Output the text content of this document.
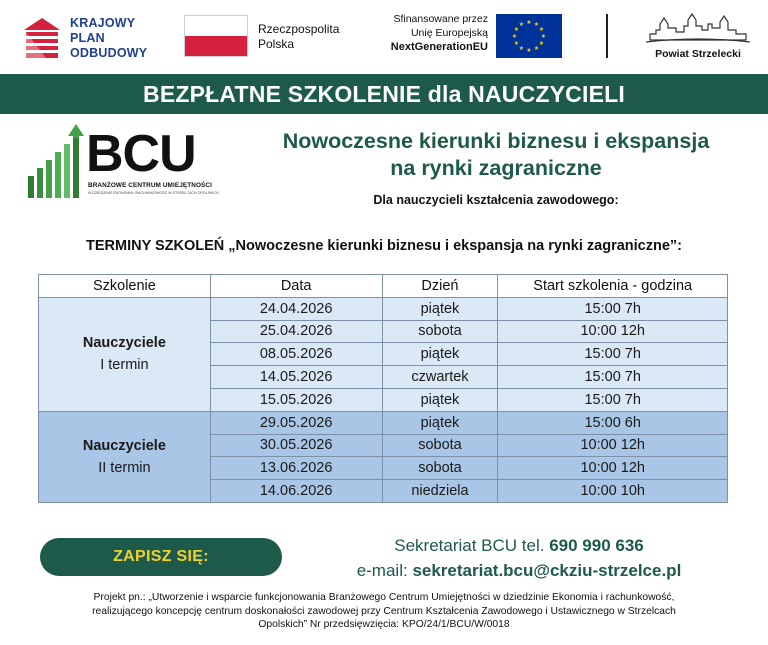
KRAJOWY
PLAN
ODBUDOWY
Rzeczpospolita
Polska
Sfinansowane przez
Unię Europejską
NextGenerationEU
★ ★
★
★
★
★
★
★
★
★
★
★
Powiat Strzelecki
BEZPŁATNE SZKOLENIE dla NAUCZYCIELI
BCU
BRANŻOWE CENTRUM UMIEJĘTNOŚCI
W DZIEDZINIE EKONOMIA I RACHUNKOWOŚĆ W STRZELCACH OPOLSKICH
Nowoczesne kierunki biznesu i ekspansja
na rynki zagraniczne
Dla nauczycieli kształcenia zawodowego:
TERMINY SZKOLEŃ „Nowoczesne kierunki biznesu i ekspansja na rynki zagraniczne”:
Szkolenie	Data	Dzień	Start szkolenia - godzina

Nauczyciele
I termin	24.04.2026	piątek	15:00 7h
	25.04.2026	sobota	10:00 12h
	08.05.2026	piątek	15:00 7h
	14.05.2026	czwartek	15:00 7h
	15.05.2026	piątek	15:00 7h

Nauczyciele
II termin	29.05.2026	piątek	15:00 6h
	30.05.2026	sobota	10:00 12h
	13.06.2026	sobota	10:00 12h
	14.06.2026	niedziela	10:00 10h
ZAPISZ SIĘ:
Sekretariat BCU tel. 690 990 636
e-mail: sekretariat.bcu@ckziu-strzelce.pl
Projekt pn.: „Utworzenie i wsparcie funkcjonowania Branżowego Centrum Umiejętności w dziedzinie Ekonomia i rachunkowość,
realizującego koncepcję centrum doskonałości zawodowej przy Centrum Kształcenia Zawodowego i Ustawicznego w Strzelcach
Opolskich” Nr przedsięwzięcia: KPO/24/1/BCU/W/0018
